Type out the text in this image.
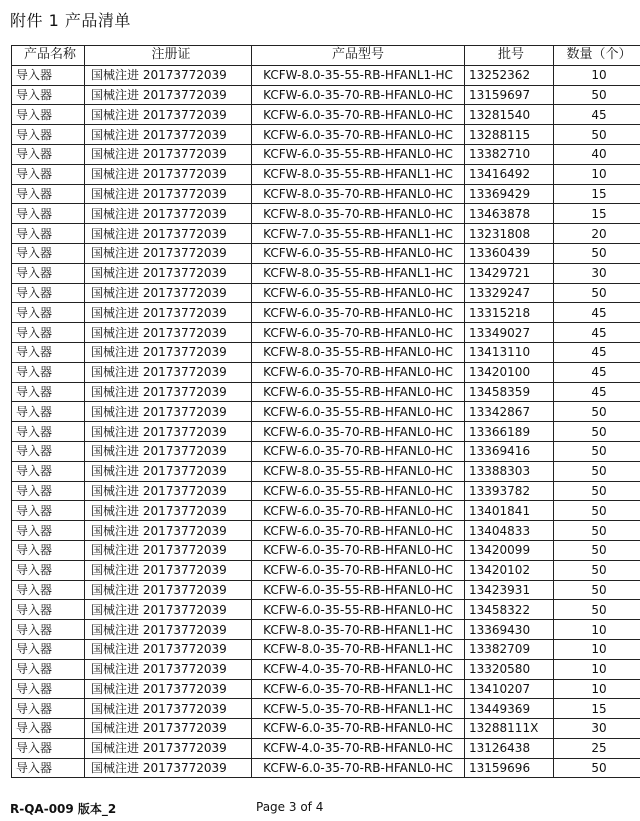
附件 1 产品清单
产品名称	注册证	产品型号	批号	数量（个）
导入器	国械注进 20173772039	KCFW-8.0-35-55-RB-HFANL1-HC	13252362	10
导入器	国械注进 20173772039	KCFW-6.0-35-70-RB-HFANL0-HC	13159697	50
导入器	国械注进 20173772039	KCFW-6.0-35-70-RB-HFANL0-HC	13281540	45
导入器	国械注进 20173772039	KCFW-6.0-35-70-RB-HFANL0-HC	13288115	50
导入器	国械注进 20173772039	KCFW-6.0-35-55-RB-HFANL0-HC	13382710	40
导入器	国械注进 20173772039	KCFW-8.0-35-55-RB-HFANL1-HC	13416492	10
导入器	国械注进 20173772039	KCFW-8.0-35-70-RB-HFANL0-HC	13369429	15
导入器	国械注进 20173772039	KCFW-8.0-35-70-RB-HFANL0-HC	13463878	15
导入器	国械注进 20173772039	KCFW-7.0-35-55-RB-HFANL1-HC	13231808	20
导入器	国械注进 20173772039	KCFW-6.0-35-55-RB-HFANL0-HC	13360439	50
导入器	国械注进 20173772039	KCFW-8.0-35-55-RB-HFANL1-HC	13429721	30
导入器	国械注进 20173772039	KCFW-6.0-35-55-RB-HFANL0-HC	13329247	50
导入器	国械注进 20173772039	KCFW-6.0-35-70-RB-HFANL0-HC	13315218	45
导入器	国械注进 20173772039	KCFW-6.0-35-70-RB-HFANL0-HC	13349027	45
导入器	国械注进 20173772039	KCFW-8.0-35-55-RB-HFANL0-HC	13413110	45
导入器	国械注进 20173772039	KCFW-6.0-35-70-RB-HFANL0-HC	13420100	45
导入器	国械注进 20173772039	KCFW-6.0-35-55-RB-HFANL0-HC	13458359	45
导入器	国械注进 20173772039	KCFW-6.0-35-55-RB-HFANL0-HC	13342867	50
导入器	国械注进 20173772039	KCFW-6.0-35-70-RB-HFANL0-HC	13366189	50
导入器	国械注进 20173772039	KCFW-6.0-35-70-RB-HFANL0-HC	13369416	50
导入器	国械注进 20173772039	KCFW-8.0-35-55-RB-HFANL0-HC	13388303	50
导入器	国械注进 20173772039	KCFW-6.0-35-55-RB-HFANL0-HC	13393782	50
导入器	国械注进 20173772039	KCFW-6.0-35-70-RB-HFANL0-HC	13401841	50
导入器	国械注进 20173772039	KCFW-6.0-35-70-RB-HFANL0-HC	13404833	50
导入器	国械注进 20173772039	KCFW-6.0-35-70-RB-HFANL0-HC	13420099	50
导入器	国械注进 20173772039	KCFW-6.0-35-70-RB-HFANL0-HC	13420102	50
导入器	国械注进 20173772039	KCFW-6.0-35-55-RB-HFANL0-HC	13423931	50
导入器	国械注进 20173772039	KCFW-6.0-35-55-RB-HFANL0-HC	13458322	50
导入器	国械注进 20173772039	KCFW-8.0-35-70-RB-HFANL1-HC	13369430	10
导入器	国械注进 20173772039	KCFW-8.0-35-70-RB-HFANL1-HC	13382709	10
导入器	国械注进 20173772039	KCFW-4.0-35-70-RB-HFANL0-HC	13320580	10
导入器	国械注进 20173772039	KCFW-6.0-35-70-RB-HFANL1-HC	13410207	10
导入器	国械注进 20173772039	KCFW-5.0-35-70-RB-HFANL1-HC	13449369	15
导入器	国械注进 20173772039	KCFW-6.0-35-70-RB-HFANL0-HC	13288111X	30
导入器	国械注进 20173772039	KCFW-4.0-35-70-RB-HFANL0-HC	13126438	25
导入器	国械注进 20173772039	KCFW-6.0-35-70-RB-HFANL0-HC	13159696	50
R-QA-009 版本_2	Page 3 of 4
